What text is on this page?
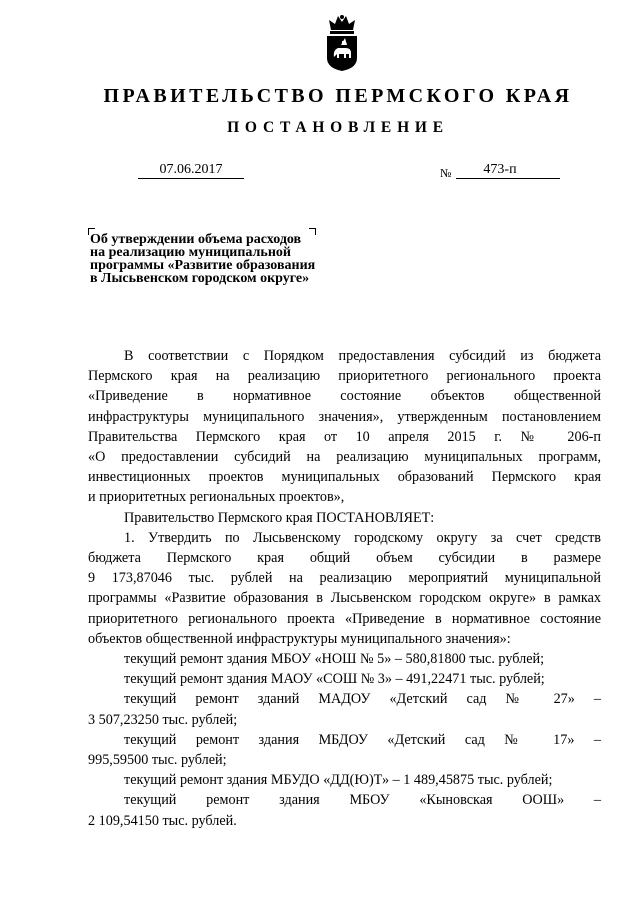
ПРАВИТЕЛЬСТВО ПЕРМСКОГО КРАЯ
ПОСТАНОВЛЕНИЕ
07.06.2017	№	473-п
Об утверждении объема расходов
на реализацию муниципальной
программы «Развитие образования
в Лысьвенском городском округе»
В соответствии с Порядком предоставления субсидий из бюджета
Пермского края на реализацию приоритетного регионального проекта
«Приведение в нормативное состояние объектов общественной
инфраструктуры муниципального значения», утвержденным постановлением
Правительства Пермского края от 10 апреля 2015 г. № 206-п
«О предоставлении субсидий на реализацию муниципальных программ,
инвестиционных проектов муниципальных образований Пермского края
и приоритетных региональных проектов»,
Правительство Пермского края ПОСТАНОВЛЯЕТ:
1. Утвердить по Лысьвенскому городскому округу за счет средств
бюджета Пермского края общий объем субсидии в размере
9 173,87046 тыс. рублей на реализацию мероприятий муниципальной
программы «Развитие образования в Лысьвенском городском округе» в рамках
приоритетного регионального проекта «Приведение в нормативное состояние
объектов общественной инфраструктуры муниципального значения»:
текущий ремонт здания МБОУ «НОШ № 5» – 580,81800 тыс. рублей;
текущий ремонт здания МАОУ «СОШ № 3» – 491,22471 тыс. рублей;
текущий ремонт зданий МАДОУ «Детский сад № 27» –
3 507,23250 тыс. рублей;
текущий ремонт здания МБДОУ «Детский сад № 17» –
995,59500 тыс. рублей;
текущий ремонт здания МБУДО «ДД(Ю)Т» – 1 489,45875 тыс. рублей;
текущий ремонт здания МБОУ «Кыновская ООШ» –
2 109,54150 тыс. рублей.
